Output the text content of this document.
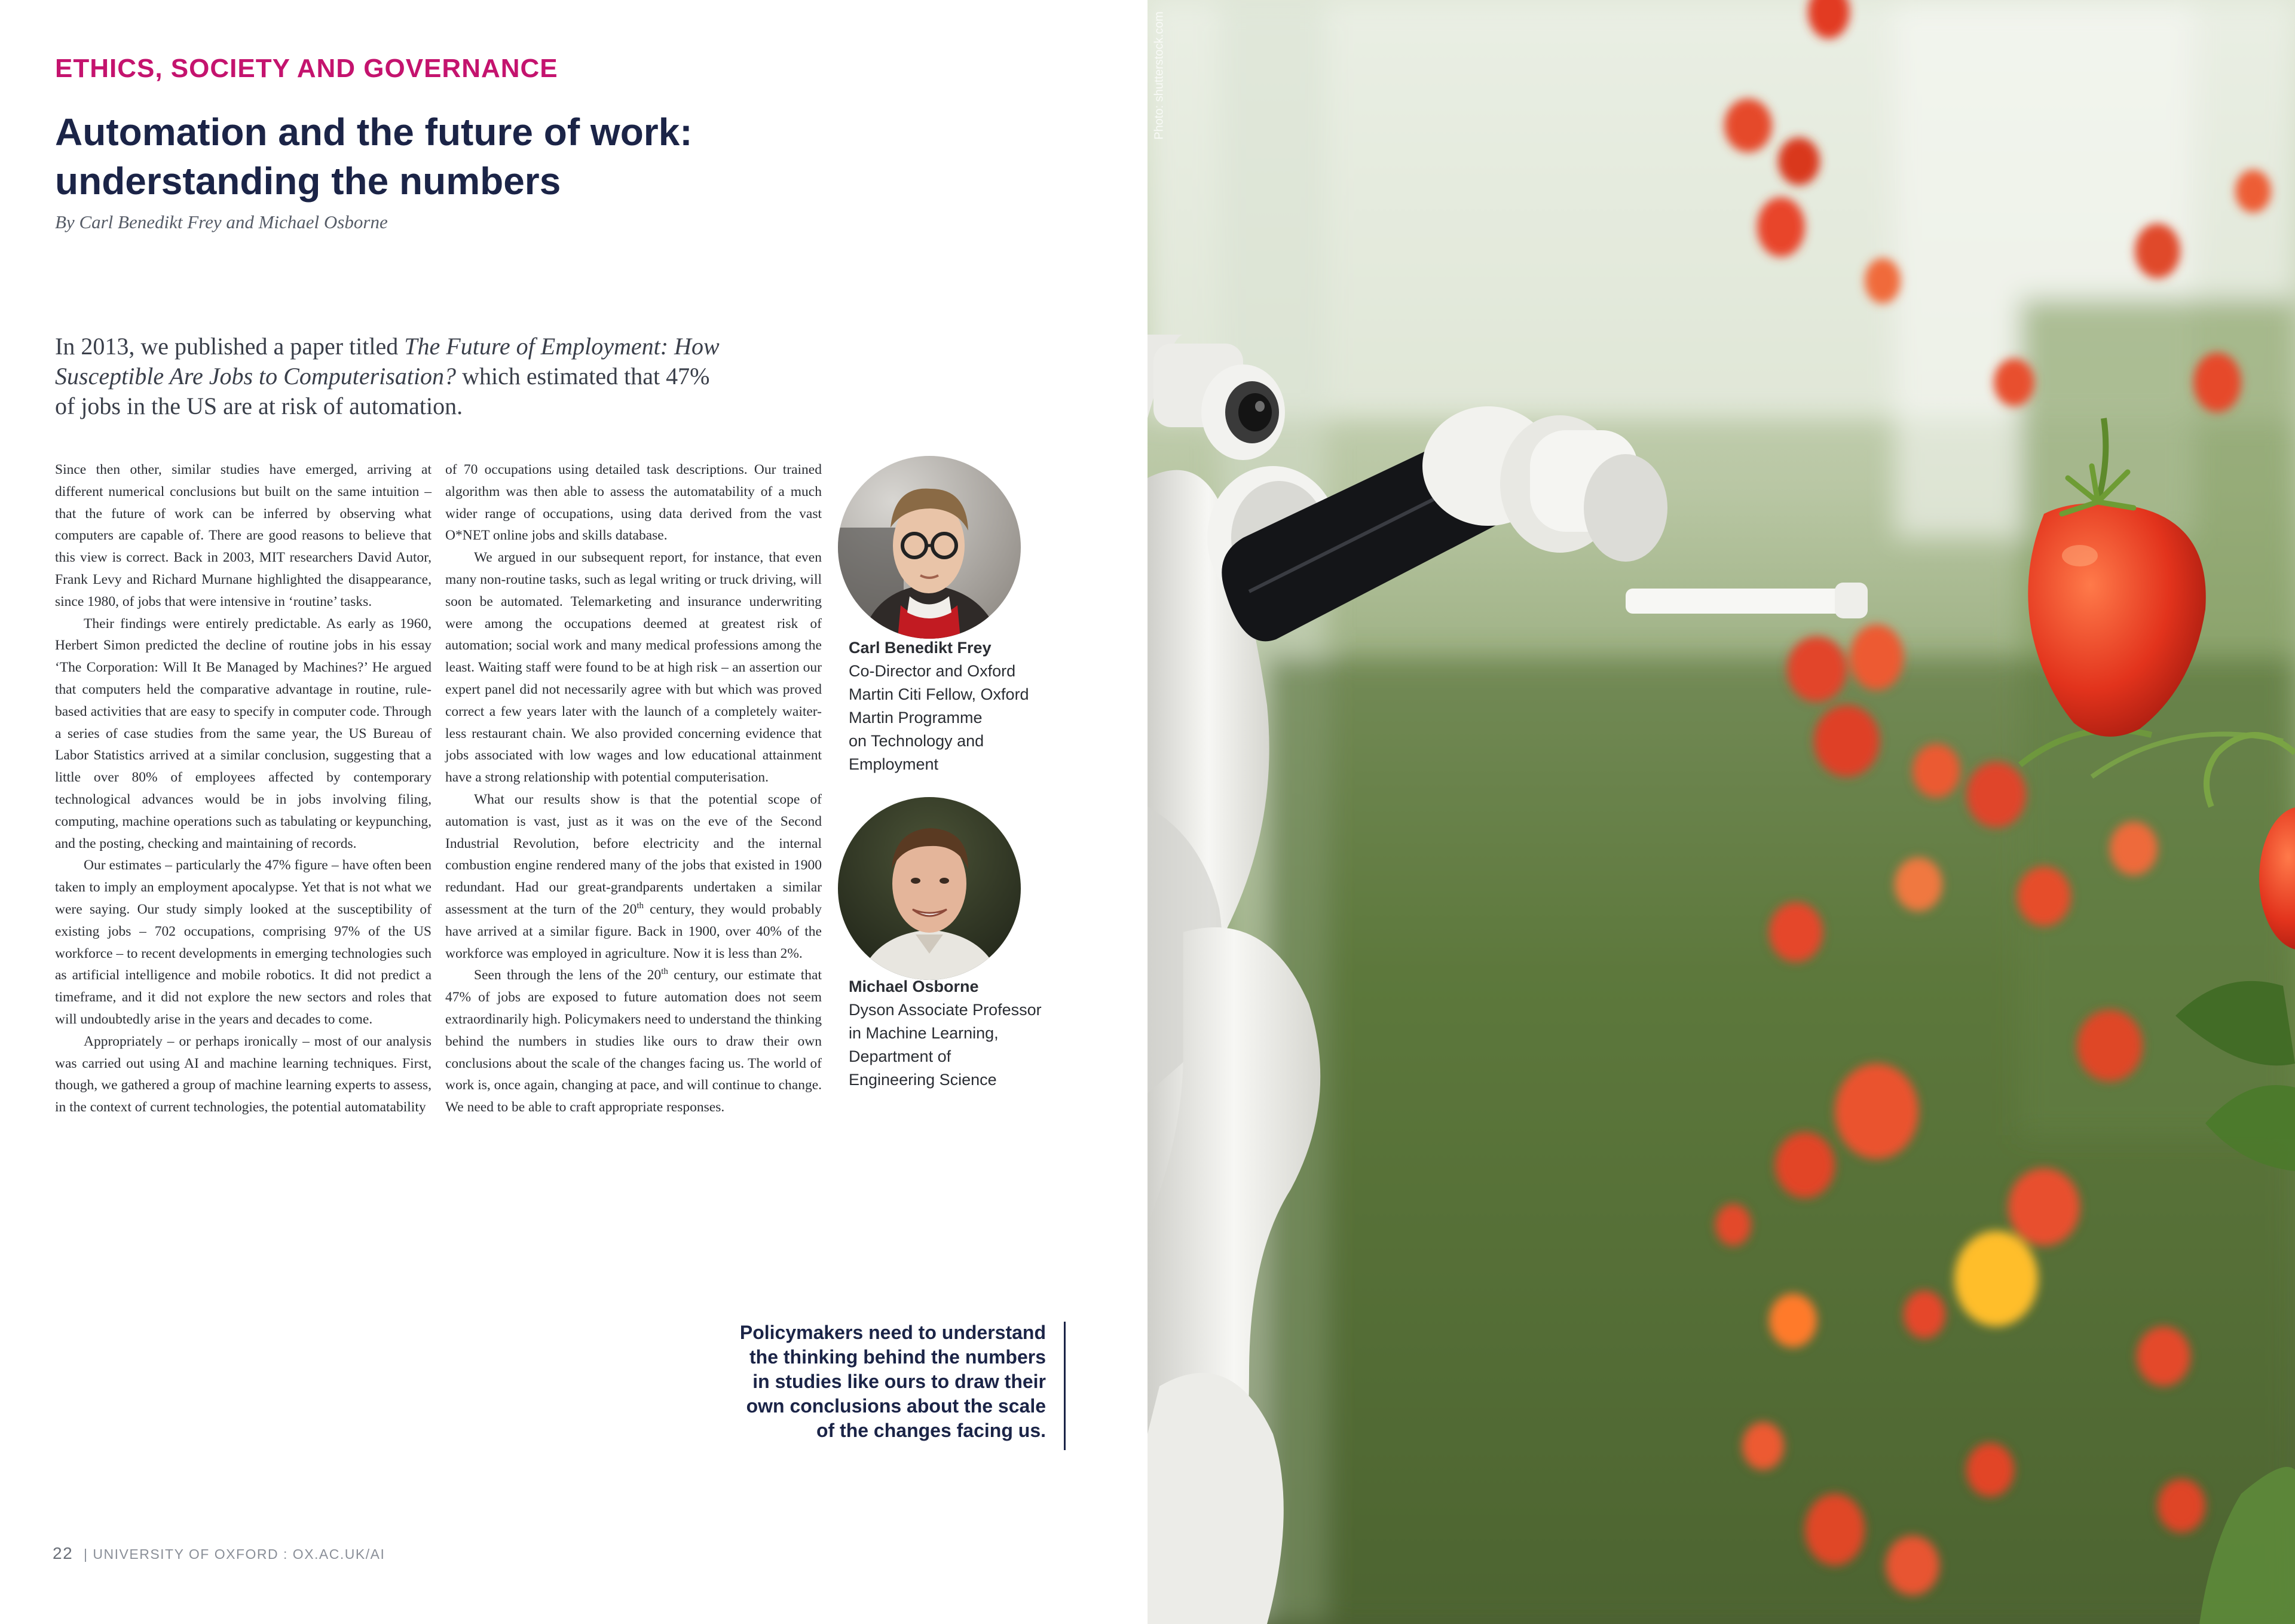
ETHICS, SOCIETY AND GOVERNANCE
Automation and the future of work:
understanding the numbers
By Carl Benedikt Frey and Michael Osborne

In 2013, we published a paper titled The Future of Employment: How Susceptible Are Jobs to Computerisation? which estimated that 47% of jobs in the US are at risk of automation.

Since then other, similar studies have emerged, arriving at different numerical conclusions but built on the same intuition – that the future of work can be inferred by observing what computers are capable of. There are good reasons to believe that this view is correct. Back in 2003, MIT researchers David Autor, Frank Levy and Richard Murnane highlighted the disappearance, since 1980, of jobs that were intensive in ‘routine’ tasks.

Their findings were entirely predictable. As early as 1960, Herbert Simon predicted the decline of routine jobs in his essay ‘The Corporation: Will It Be Managed by Machines?’ He argued that computers held the comparative advantage in routine, rule-based activities that are easy to specify in computer code. Through a series of case studies from the same year, the US Bureau of Labor Statistics arrived at a similar conclusion, suggesting that a little over 80% of employees affected by contemporary technological advances would be in jobs involving filing, computing, machine operations such as tabulating or keypunching, and the posting, checking and maintaining of records.

Our estimates – particularly the 47% figure – have often been taken to imply an employment apocalypse. Yet that is not what we were saying. Our study simply looked at the susceptibility of existing jobs – 702 occupations, comprising 97% of the US workforce – to recent developments in emerging technologies such as artificial intelligence and mobile robotics. It did not predict a timeframe, and it did not explore the new sectors and roles that will undoubtedly arise in the years and decades to come.

Appropriately – or perhaps ironically – most of our analysis was carried out using AI and machine learning techniques. First, though, we gathered a group of machine learning experts to assess, in the context of current technologies, the potential automatability

of 70 occupations using detailed task descriptions. Our trained algorithm was then able to assess the automatability of a much wider range of occupations, using data derived from the vast O*NET online jobs and skills database.

We argued in our subsequent report, for instance, that even many non-routine tasks, such as legal writing or truck driving, will soon be automated. Telemarketing and insurance underwriting were among the occupations deemed at greatest risk of automation; social work and many medical professions among the least. Waiting staff were found to be at high risk – an assertion our expert panel did not necessarily agree with but which was proved correct a few years later with the launch of a completely waiter-less restaurant chain. We also provided concerning evidence that jobs associated with low wages and low educational attainment have a strong relationship with potential computerisation.

What our results show is that the potential scope of automation is vast, just as it was on the eve of the Second Industrial Revolution, before electricity and the internal combustion engine rendered many of the jobs that existed in 1900 redundant. Had our great-grandparents undertaken a similar assessment at the turn of the 20th century, they would probably have arrived at a similar figure. Back in 1900, over 40% of the workforce was employed in agriculture. Now it is less than 2%.

Seen through the lens of the 20th century, our estimate that 47% of jobs are exposed to future automation does not seem extraordinarily high. Policymakers need to understand the thinking behind the numbers in studies like ours to draw their own conclusions about the scale of the changes facing us. The world of work is, once again, changing at pace, and will continue to change. We need to be able to craft appropriate responses.

Carl Benedikt Frey
Co-Director and Oxford
Martin Citi Fellow, Oxford
Martin Programme
on Technology and
Employment
Michael Osborne
Dyson Associate Professor
in Machine Learning,
Department of
Engineering Science
Policymakers need to understand
the thinking behind the numbers
in studies like ours to draw their
own conclusions about the scale
of the changes facing us.
22 | UNIVERSITY OF OXFORD : OX.AC.UK/AI
Photo: shutterstock.com
